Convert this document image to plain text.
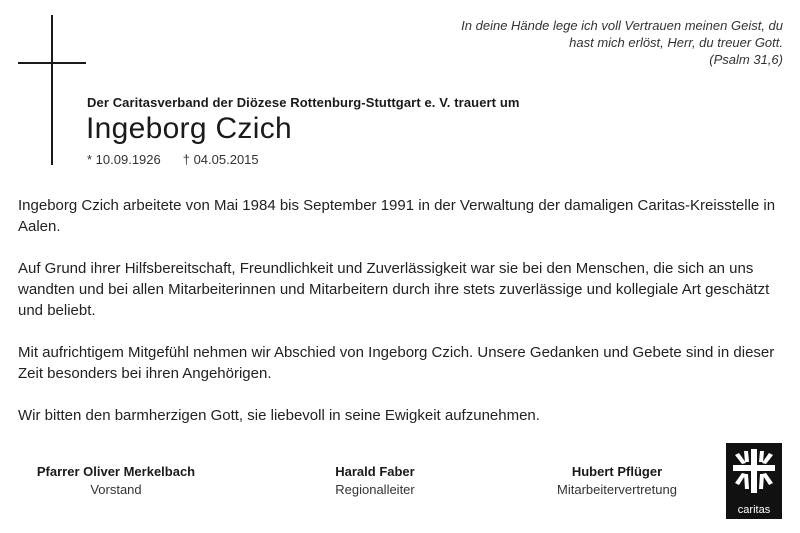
In deine Hände lege ich voll Vertrauen meinen Geist, du
hast mich erlöst, Herr, du treuer Gott.
(Psalm 31,6)
Der Caritasverband der Diözese Rottenburg-Stuttgart e. V. trauert um
Ingeborg Czich
* 10.09.1926 † 04.05.2015

Ingeborg Czich arbeitete von Mai 1984 bis September 1991 in der Verwaltung der damaligen Caritas-Kreisstelle in Aalen.

Auf Grund ihrer Hilfsbereitschaft, Freundlichkeit und Zuverlässigkeit war sie bei den Menschen, die sich an uns wandten und bei allen Mitarbeiterinnen und Mitarbeitern durch ihre stets zuverlässige und kollegiale Art geschätzt und beliebt.

Mit aufrichtigem Mitgefühl nehmen wir Abschied von Ingeborg Czich. Unsere Gedanken und Gebete sind in dieser Zeit besonders bei ihren Angehörigen.

Wir bitten den barmherzigen Gott, sie liebevoll in seine Ewigkeit aufzunehmen.

Pfarrer Oliver Merkelbach
Vorstand
Harald Faber
Regionalleiter
Hubert Pflüger
Mitarbeitervertretung
caritas
